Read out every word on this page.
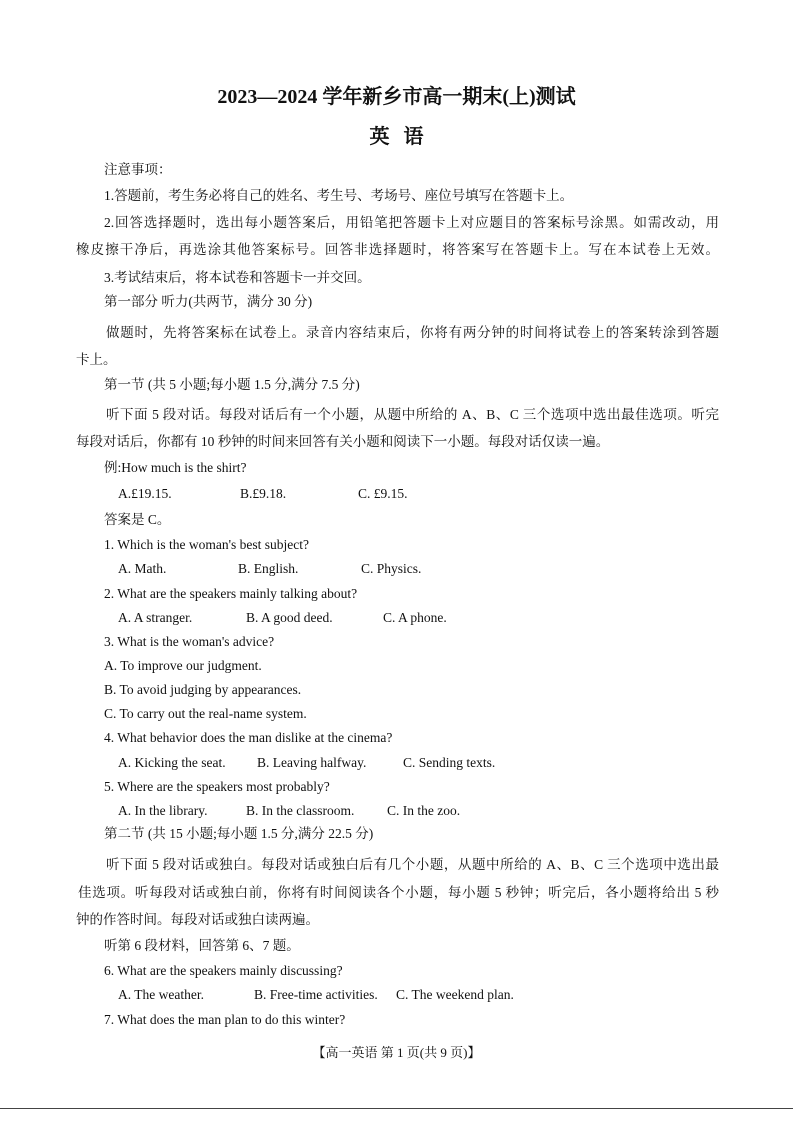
2023—2024 学年新乡市高一期末(上)测试
英语
注意事项：
1.答题前，考生务必将自己的姓名、考生号、考场号、座位号填写在答题卡上。
2.回答选择题时，选出每小题答案后，用铅笔把答题卡上对应题目的答案标号涂黑。如需改动，用
橡皮擦干净后，再选涂其他答案标号。回答非选择题时，将答案写在答题卡上。写在本试卷上无效。
3.考试结束后，将本试卷和答题卡一并交回。
第一部分 听力(共两节，满分 30 分)
做题时，先将答案标在试卷上。录音内容结束后，你将有两分钟的时间将试卷上的答案转涂到答题
卡上。
第一节 (共 5 小题;每小题 1.5 分,满分 7.5 分)
听下面 5 段对话。每段对话后有一个小题，从题中所给的 A、B、C 三个选项中选出最佳选项。听完
每段对话后，你都有 10 秒钟的时间来回答有关小题和阅读下一小题。每段对话仅读一遍。
例:How much is the shirt?
A.£19.15.	B.£9.18.	C. £9.15.
答案是 C。
1. Which is the woman's best subject?
A. Math.	B. English.	C. Physics.
2. What are the speakers mainly talking about?
A. A stranger.	B. A good deed.	C. A phone.
3. What is the woman's advice?
A. To improve our judgment.
B. To avoid judging by appearances.
C. To carry out the real-name system.
4. What behavior does the man dislike at the cinema?
A. Kicking the seat. B. Leaving halfway.	C. Sending texts.
5. Where are the speakers most probably?
A. In the library.	B. In the classroom. C. In the zoo.
第二节 (共 15 小题;每小题 1.5 分,满分 22.5 分)
听下面 5 段对话或独白。每段对话或独白后有几个小题，从题中所给的 A、B、C 三个选项中选出最
佳选项。听每段对话或独白前，你将有时间阅读各个小题，每小题 5 秒钟；听完后，各小题将给出 5 秒
钟的作答时间。每段对话或独白读两遍。
听第 6 段材料，回答第 6、7 题。
6. What are the speakers mainly discussing?
A. The weather.	B. Free-time activities. C. The weekend plan.
7. What does the man plan to do this winter?
【高一英语 第 1 页(共 9 页)】
